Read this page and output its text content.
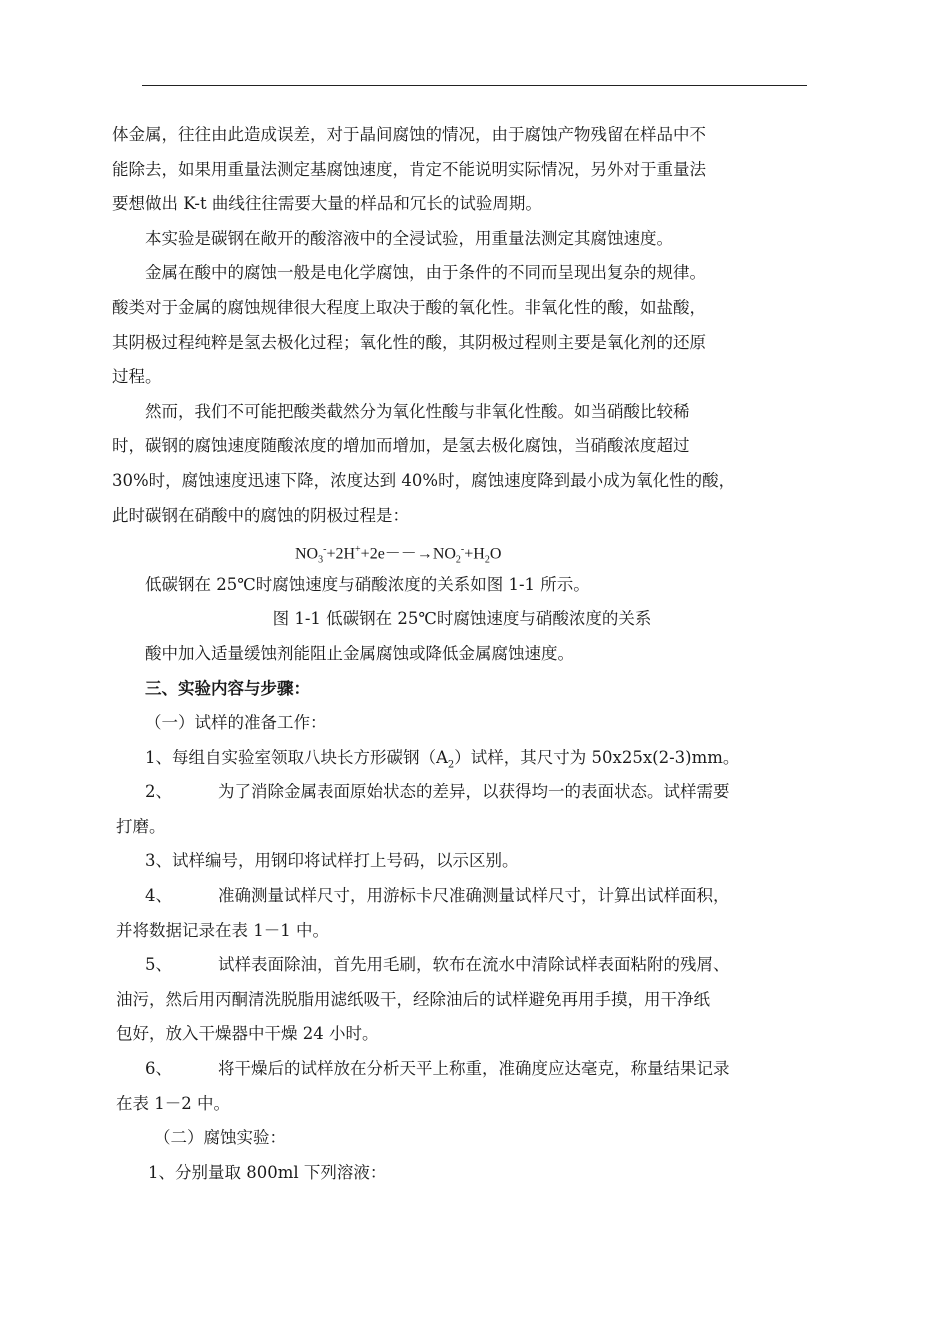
体金属，往往由此造成误差，对于晶间腐蚀的情况，由于腐蚀产物残留在样品中不
能除去，如果用重量法测定基腐蚀速度，肯定不能说明实际情况，另外对于重量法
要想做出 K-t 曲线往往需要大量的样品和冗长的试验周期。
本实验是碳钢在敞开的酸溶液中的全浸试验，用重量法测定其腐蚀速度。
金属在酸中的腐蚀一般是电化学腐蚀，由于条件的不同而呈现出复杂的规律。
酸类对于金属的腐蚀规律很大程度上取决于酸的氧化性。非氧化性的酸，如盐酸，
其阴极过程纯粹是氢去极化过程；氧化性的酸，其阴极过程则主要是氧化剂的还原
过程。
然而，我们不可能把酸类截然分为氧化性酸与非氧化性酸。如当硝酸比较稀
时，碳钢的腐蚀速度随酸浓度的增加而增加，是氢去极化腐蚀，当硝酸浓度超过
30%时，腐蚀速度迅速下降，浓度达到 40%时，腐蚀速度降到最小成为氧化性的酸，
此时碳钢在硝酸中的腐蚀的阴极过程是：
$NO_3^-+2H^++2e--\to NO_2^-+H_2O$
低碳钢在 25℃时腐蚀速度与硝酸浓度的关系如图 1-1 所示。
图 1-1 低碳钢在 25℃时腐蚀速度与硝酸浓度的关系
酸中加入适量缓蚀剂能阻止金属腐蚀或降低金属腐蚀速度。
三、实验内容与步骤：
（一）试样的准备工作：
1、每组自实验室领取八块长方形碳钢$(A_2)$试样，其尺寸为 50x25x(2-3)mm。
2、	为了消除金属表面原始状态的差异，以获得均一的表面状态。试样需要
打磨。
3、试样编号，用钢印将试样打上号码，以示区别。
4、	准确测量试样尺寸，用游标卡尺准确测量试样尺寸，计算出试样面积，
并将数据记录在表 1－1 中。
5、	试样表面除油，首先用毛刷，软布在流水中清除试样表面粘附的残屑、
油污，然后用丙酮清洗脱脂用滤纸吸干，经除油后的试样避免再用手摸，用干净纸
包好，放入干燥器中干燥 24 小时。
6、	将干燥后的试样放在分析天平上称重，准确度应达毫克，称量结果记录
在表 1－2 中。
（二）腐蚀实验：
1、分别量取 800ml 下列溶液：
